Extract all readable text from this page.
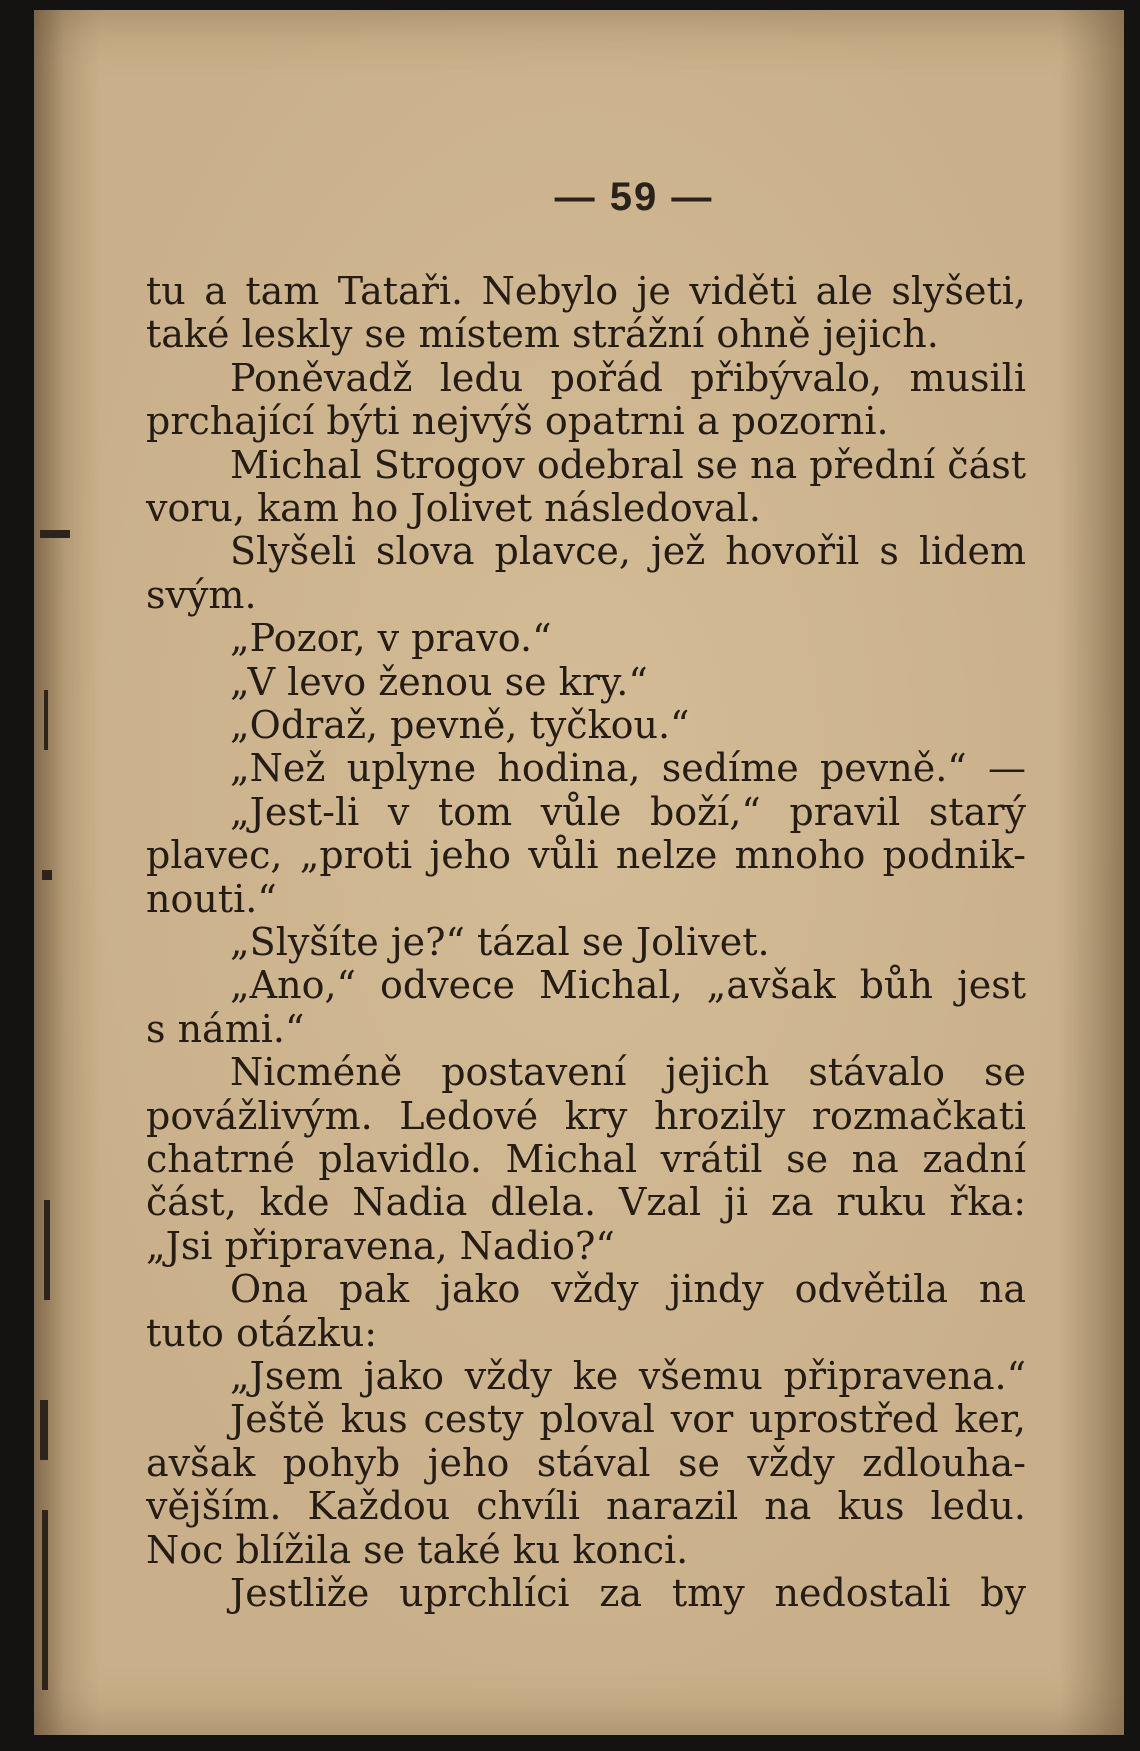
— 59 —
tu a tam Tataři. Nebylo je viděti ale slyšeti,
také leskly se místem strážní ohně jejich.
Poněvadž ledu pořád přibývalo, musili
prchající býti nejvýš opatrni a pozorni.
Michal Strogov odebral se na přední část
voru, kam ho Jolivet následoval.
Slyšeli slova plavce, jež hovořil s lidem
svým.
„Pozor, v pravo.“
„V levo ženou se kry.“
„Odraž, pevně, tyčkou.“
„Než uplyne hodina, sedíme pevně.“ —
„Jest-li v tom vůle boží,“ pravil starý
plavec, „proti jeho vůli nelze mnoho podnik-
nouti.“
„Slyšíte je?“ tázal se Jolivet.
„Ano,“ odvece Michal, „avšak bůh jest
s námi.“
Nicméně postavení jejich stávalo se
povážlivým. Ledové kry hrozily rozmačkati
chatrné plavidlo. Michal vrátil se na zadní
část, kde Nadia dlela. Vzal ji za ruku řka:
„Jsi připravena, Nadio?“
Ona pak jako vždy jindy odvětila na
tuto otázku:
„Jsem jako vždy ke všemu připravena.“
Ještě kus cesty ploval vor uprostřed ker,
avšak pohyb jeho stával se vždy zdlouha-
vějším. Každou chvíli narazil na kus ledu.
Noc blížila se také ku konci.
Jestliže uprchlíci za tmy nedostali by
